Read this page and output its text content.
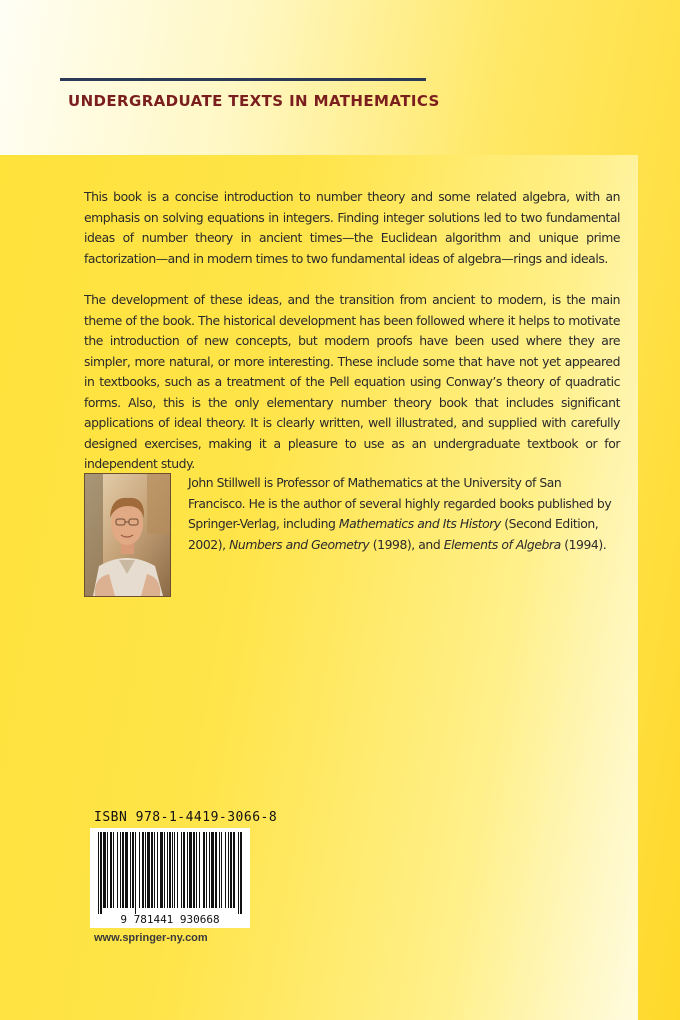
UNDERGRADUATE TEXTS IN MATHEMATICS

This book is a concise introduction to number theory and some related algebra, with an emphasis on solving equations in integers. Finding integer solutions led to two fundamental ideas of number theory in ancient times—the Euclidean algorithm and unique prime factorization—and in modern times to two fundamental ideas of algebra—rings and ideals.

The development of these ideas, and the transition from ancient to modern, is the main theme of the book. The historical development has been followed where it helps to motivate the introduction of new concepts, but modern proofs have been used where they are simpler, more natural, or more interesting. These include some that have not yet appeared in textbooks, such as a treatment of the Pell equation using Conway’s theory of quadratic forms. Also, this is the only elementary number theory book that includes significant applications of ideal theory. It is clearly written, well illustrated, and supplied with carefully designed exercises, making it a pleasure to use as an undergraduate textbook or for independent study.

John Stillwell is Professor of Mathematics at the University of San Francisco. He is the author of several highly regarded books published by Springer-Verlag, including Mathematics and Its History (Second Edition, 2002), Numbers and Geometry (1998), and Elements of Algebra (1994).

ISBN 978-1-4419-3066-8

9 781441 930668

www.springer-ny.com
